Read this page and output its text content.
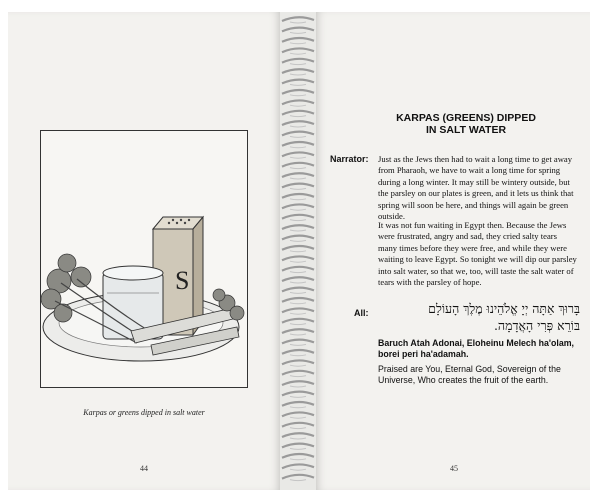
S
Karpas or greens dipped in salt water
44
KARPAS (GREENS) DIPPED
IN SALT WATER
Narrator: Just as the Jews then had to wait a long time to get away from Pharaoh, we have to wait a long time for spring during a long winter. It may still be wintery outside, but the parsley on our plates is green, and it lets us think that spring will soon be here, and things will again be green outside.

It was not fun waiting in Egypt then. Because the Jews were frustrated, angry and sad, they cried salty tears many times before they were free, and while they were waiting to leave Egypt. So tonight we will dip our parsley into salt water, so that we, too, will taste the salt water of tears with the parsley of hope.

All:	בָּרוּךְ אַתָּה יְיָ אֱלֹהֵינוּ מֶלֶךְ הָעוֹלָם
בּוֹרֵא פְּרִי הָאֲדָמָה.
Baruch Atah Adonai, Eloheinu Melech ha'olam, borei peri ha'adamah.
Praised are You, Eternal God, Sovereign of the Universe, Who creates the fruit of the earth.
45
